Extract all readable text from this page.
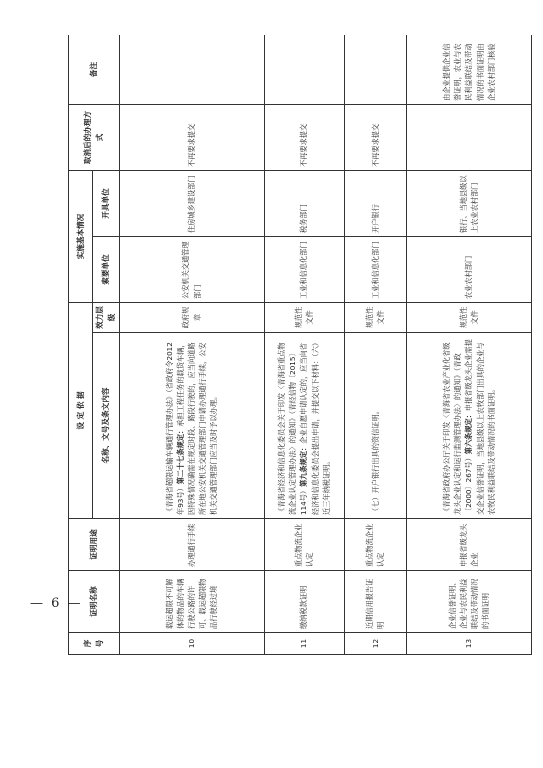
序号	证明名称	证明用途	设 定 依 据		实施基本情况		取消后的办理方式	备注
			名称、文号及条文内容	效力层级	索要单位	开具单位		
10	载运超限不可解体的物品的车辆行驶公路的许可、载运超限物品行驶经过境	办理通行手续	《青海省超限运输车辆通行管理办法》（省政府令2012年93号）第二十七条规定：承担工程任务的载货车辆，因特殊情况确需在规定时段、路段行驶的，应当向道路所在地公安机关交通管理部门申请办理通行手续，公安机关交通管理部门应当及时予以办理。	政府规章	公安机关交通管理部门	住房城乡建设部门	不再要求提交	
11	缴纳税款证明	重点物流企业认定	《青海省经济和信息化委员会关于印发〈青海省重点物流企业认定管理办法〉的通知》（青经信物〔2015〕114号）第九条规定：企业自愿申请认定的，应当向省经济和信息化委员会提出申请，并提交以下材料：（六）近三年纳税证明。	规范性文件	工业和信息化部门	税务部门	不再要求提交	
12	近期信用报告证明	重点物流企业认定	（七）开户银行出具的资信证明。	规范性文件	工业和信息化部门	开户银行	不再要求提交	
13	企业信誉证明、企业与农民利益联结及带动情况的书面证明	申报省级龙头企业	《青海省政府办公厅关于印发〈青海省农业产业化省级龙头企业认定和运行监测管理办法〉的通知》（青政〔2000〕267号）第六条规定：申报省级龙头企业需提交企业信誉证明，当地县级以上农牧部门出具的企业与农牧民利益联结及带动情况的书面证明。	规范性文件	农业农村部门	银行、当地县级以上农业农村部门		由企业提供企业信誉证明，农业与农民利益联结及带动情况的书面证明由企业农村部门核验
— 6 —
